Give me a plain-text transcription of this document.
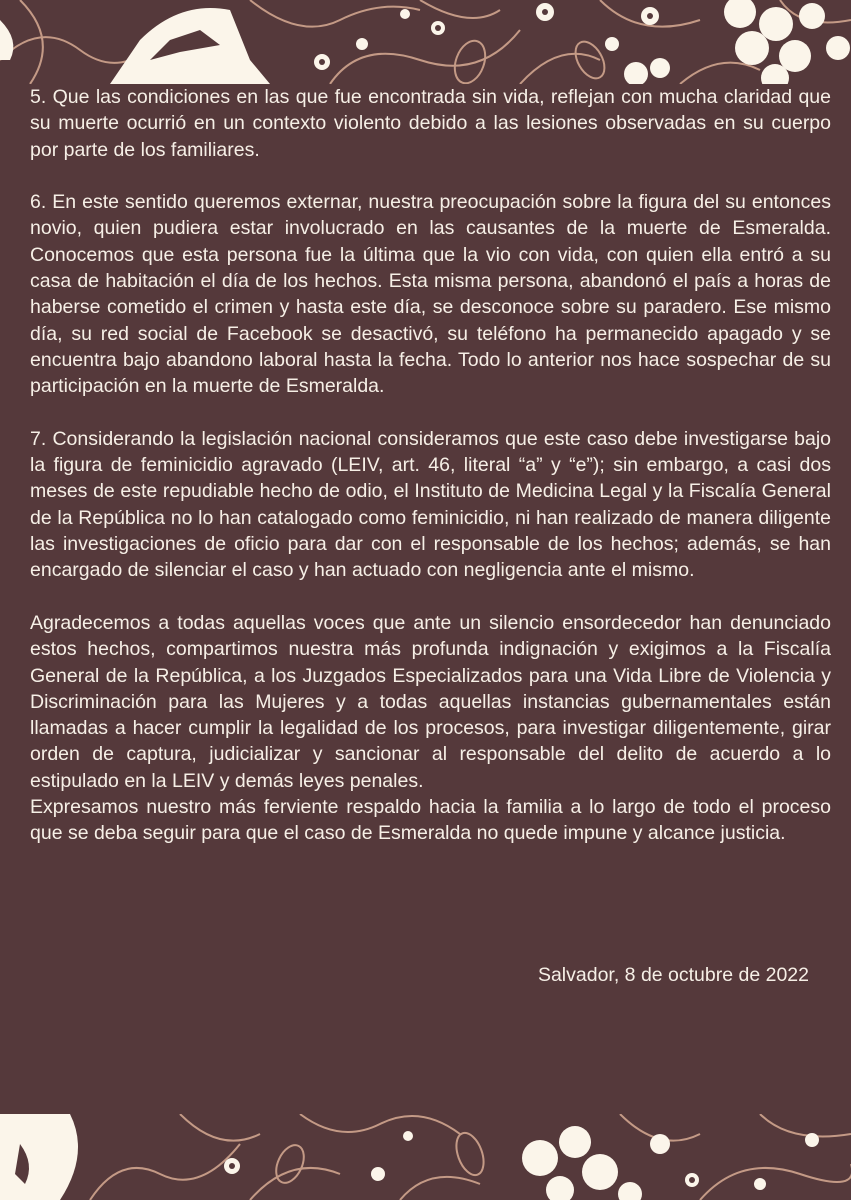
5. Que las condiciones en las que fue encontrada sin vida, reflejan con mucha claridad que su muerte ocurrió en un contexto violento debido a las lesiones observadas en su cuerpo por parte de los familiares.

6. En este sentido queremos externar, nuestra preocupación sobre la figura del su entonces novio, quien pudiera estar involucrado en las causantes de la muerte de Esmeralda. Conocemos que esta persona fue la última que la vio con vida, con quien ella entró a su casa de habitación el día de los hechos. Esta misma persona, abandonó el país a horas de haberse cometido el crimen y hasta este día, se desconoce sobre su paradero. Ese mismo día, su red social de Facebook se desactivó, su teléfono ha permanecido apagado y se encuentra bajo abandono laboral hasta la fecha. Todo lo anterior nos hace sospechar de su participación en la muerte de Esmeralda.

7. Considerando la legislación nacional consideramos que este caso debe investigarse bajo la figura de feminicidio agravado (LEIV, art. 46, literal “a” y “e”); sin embargo, a casi dos meses de este repudiable hecho de odio, el Instituto de Medicina Legal y la Fiscalía General de la República no lo han catalogado como feminicidio, ni han realizado de manera diligente las investigaciones de oficio para dar con el responsable de los hechos; además, se han encargado de silenciar el caso y han actuado con negligencia ante el mismo.

Agradecemos a todas aquellas voces que ante un silencio ensordecedor han denunciado estos hechos, compartimos nuestra más profunda indignación y exigimos a la Fiscalía General de la República, a los Juzgados Especializados para una Vida Libre de Violencia y Discriminación para las Mujeres y a todas aquellas instancias gubernamentales están llamadas a hacer cumplir la legalidad de los procesos, para investigar diligentemente, girar orden de captura, judicializar y sancionar al responsable del delito de acuerdo a lo estipulado en la LEIV y demás leyes penales.

Expresamos nuestro más ferviente respaldo hacia la familia a lo largo de todo el proceso que se deba seguir para que el caso de Esmeralda no quede impune y alcance justicia.

Salvador, 8 de octubre de 2022
